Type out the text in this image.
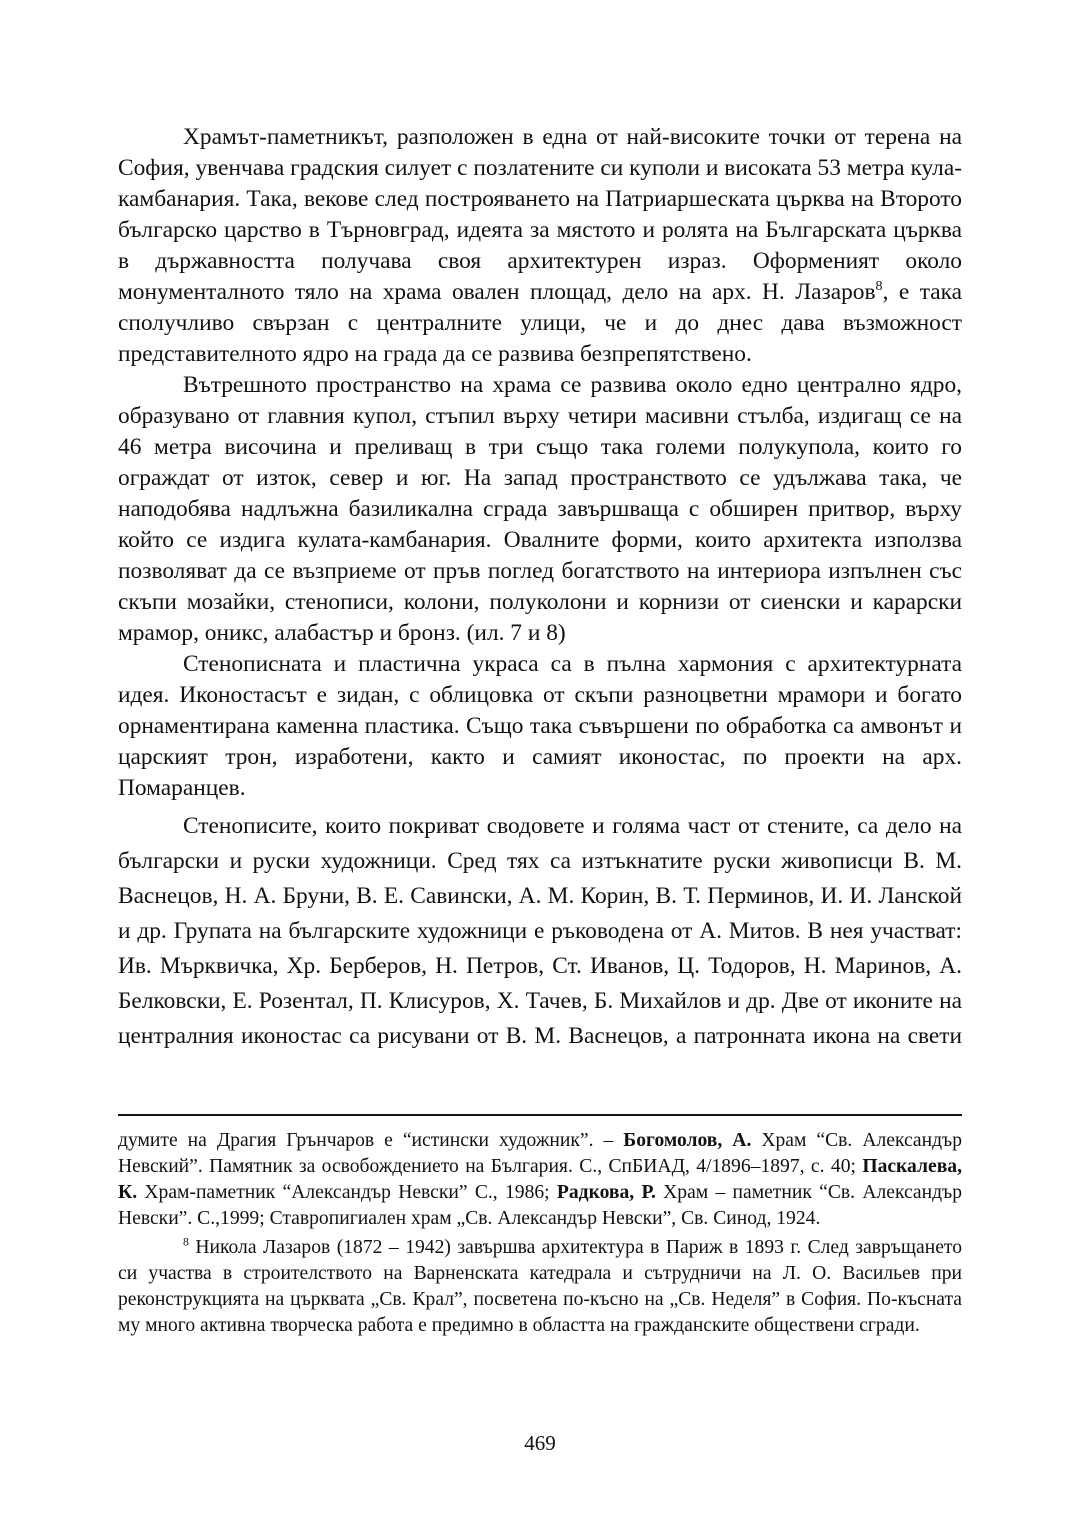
Храмът-паметникът, разположен в една от най-високите точки от терена на София, увенчава градския силует с позлатените си куполи и високата 53 метра кула-камбанария. Така, векове след построяването на Патриаршеската църква на Второто българско царство в Търновград, идеята за мястото и ролята на Българската църква в държавността получава своя архитектурен израз. Оформеният около монументалното тяло на храма овален площад, дело на арх. Н. Лазаров$^8$, е така сполучливо свързан с централните улици, че и до днес дава възможност представителното ядро на града да се развива безпрепятствено.

Вътрешното пространство на храма се развива около едно централно ядро, образувано от главния купол, стъпил върху четири масивни стълба, издигащ се на 46 метра височина и преливащ в три също така големи полукупола, които го ограждат от изток, север и юг. На запад пространството се удължава така, че наподобява надлъжна базиликална сграда завършваща с обширен притвор, върху който се издига кулата-камбанария. Овалните форми, които архитекта използва позволяват да се възприеме от пръв поглед богатството на интериора изпълнен със скъпи мозайки, стенописи, колони, полуколони и корнизи от сиенски и карарски мрамор, оникс, алабастър и бронз. (ил. 7 и 8)

Стенописната и пластична украса са в пълна хармония с архитектурната идея. Иконостасът е зидан, с облицовка от скъпи разноцветни мрамори и богато орнаментирана каменна пластика. Също така съвършени по обработка са амвонът и царският трон, изработени, както и самият иконостас, по проекти на арх. Помаранцев.

Стенописите, които покриват сводовете и голяма част от стените, са дело на български и руски художници. Сред тях са изтъкнатите руски живописци В. М. Васнецов, Н. А. Бруни, В. Е. Савински, А. М. Корин, В. Т. Перминов, И. И. Ланской и др. Групата на българските художници е ръководена от А. Митов. В нея участват: Ив. Мърквичка, Хр. Берберов, Н. Петров, Ст. Иванов, Ц. Тодоров, Н. Маринов, А. Белковски, Е. Розентал, П. Клисуров, Х. Тачев, Б. Михайлов и др. Две от иконите на централния иконостас са рисувани от В. М. Васнецов, а патронната икона на свети

думите на Драгия Грънчаров е “истински художник”. – Богомолов, А. Храм “Св. Александър Невский”. Памятник за освобождението на България. С., СпБИАД, 4/1896–1897, с. 40; Паскалева, К. Храм-паметник “Александър Невски” С., 1986; Радкова, Р. Храм – паметник “Св. Александър Невски”. С.,1999; Ставропигиален храм „Св. Александър Невски”, Св. Синод, 1924.

$^8$ Никола Лазаров (1872 – 1942) завършва архитектура в Париж в 1893 г. След завръщането си участва в строителството на Варненската катедрала и сътрудничи на Л. О. Васильев при реконструкцията на църквата „Св. Крал”, посветена по-късно на „Св. Неделя” в София. По-късната му много активна творческа работа е предимно в областта на гражданските обществени сгради.

469
